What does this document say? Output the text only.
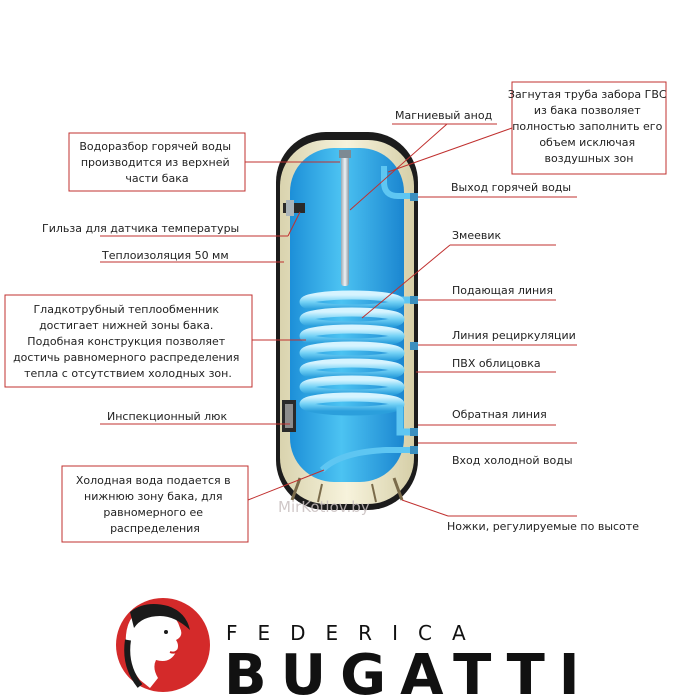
Магниевый анод
Выход горячей воды
Змеевик
Подающая линия
Линия рециркуляции
ПВХ облицовка
Обратная линия
Вход холодной воды
Ножки, регулируемые по высоте
Гильза для датчика температуры
Теплоизоляция 50 мм
Инспекционный люк
Водоразбор горячей воды производится из верхней части бака
Загнутая труба забора ГВС из бака позволяет полностью заполнить его объем исключая воздушных зон
Гладкотрубный теплообменник достигает нижней зоны бака. Подобная конструкция позволяет достичь равномерного распределения тепла с отсутствием холодных зон.
Холодная вода подается в нижнюю зону бака, для равномерного ее распределения
MirKotlov.by
FEDERICA
BUGATTI
